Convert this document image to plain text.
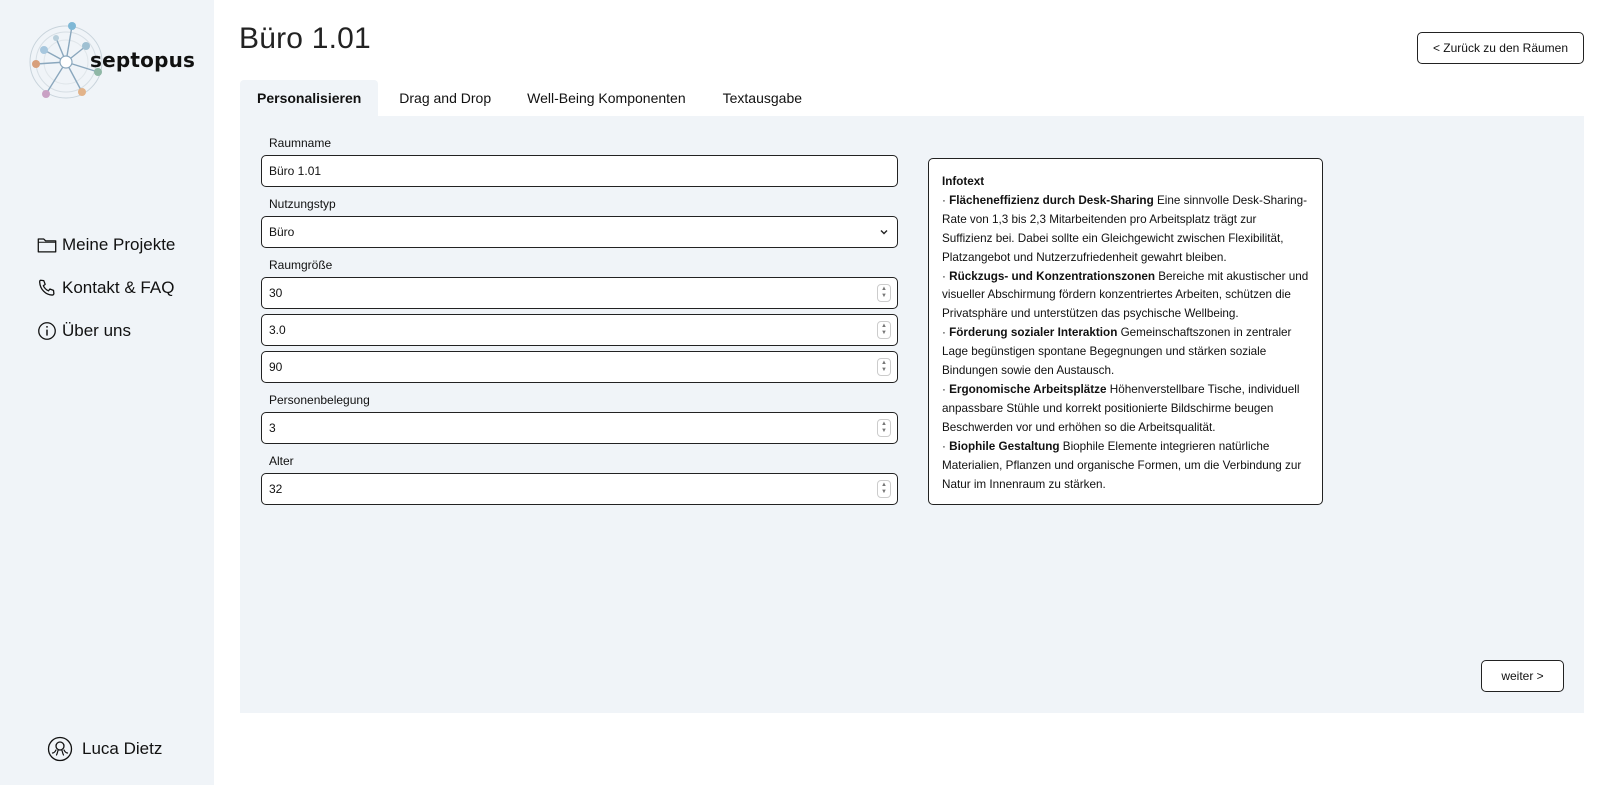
septopus
Meine Projekte
Kontakt & FAQ
Über uns
Luca Dietz
Büro 1.01	< Zurück zu den Räumen
Personalisieren	Drag and Drop	Well-Being Komponenten	Textausgabe
Raumname
Büro 1.01
Nutzungstyp
Büro
Raumgröße
30	▲
▼
3.0	▲
▼
90	▲
▼
Personenbelegung
3	▲
▼
Alter
32	▲
▼

Infotext

· Flächeneffizienz durch Desk-Sharing Eine sinnvolle Desk-Sharing-Rate von 1,3 bis 2,3 Mitarbeitenden pro Arbeitsplatz trägt zur Suffizienz bei. Dabei sollte ein Gleichgewicht zwischen Flexibilität, Platzangebot und Nutzerzufriedenheit gewahrt bleiben.

· Rückzugs- und Konzentrationszonen Bereiche mit akustischer und visueller Abschirmung fördern konzentriertes Arbeiten, schützen die Privatsphäre und unterstützen das psychische Wellbeing.

· Förderung sozialer Interaktion Gemeinschaftszonen in zentraler Lage begünstigen spontane Begegnungen und stärken soziale Bindungen sowie den Austausch.

· Ergonomische Arbeitsplätze Höhenverstellbare Tische, individuell anpassbare Stühle und korrekt positionierte Bildschirme beugen Beschwerden vor und erhöhen so die Arbeitsqualität.

· Biophile Gestaltung Biophile Elemente integrieren natürliche Materialien, Pflanzen und organische Formen, um die Verbindung zur Natur im Innenraum zu stärken.

weiter >
